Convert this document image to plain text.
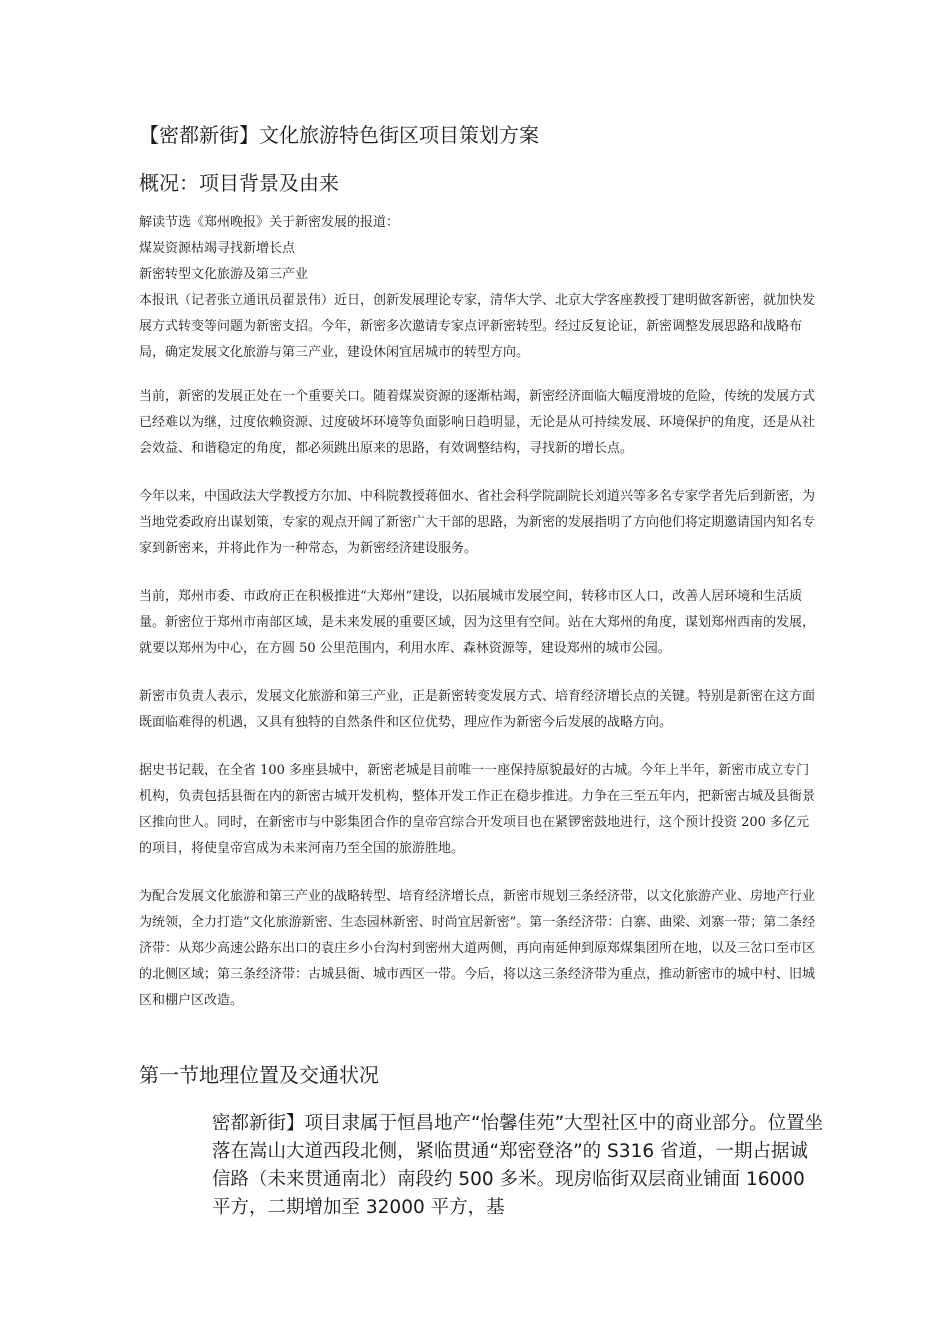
【密都新街】文化旅游特色街区项目策划方案
概况：项目背景及由来
解读节选《郑州晚报》关于新密发展的报道：
煤炭资源枯竭寻找新增长点
新密转型文化旅游及第三产业
本报讯（记者张立通讯员翟景伟）近日，创新发展理论专家，清华大学、北京大学客座教授丁建明做客新密，就加快发展方式转变等问题为新密支招。今年，新密多次邀请专家点评新密转型。经过反复论证，新密调整发展思路和战略布局，确定发展文化旅游与第三产业，建设休闲宜居城市的转型方向。

当前，新密的发展正处在一个重要关口。随着煤炭资源的逐渐枯竭，新密经济面临大幅度滑坡的危险，传统的发展方式已经难以为继，过度依赖资源、过度破坏环境等负面影响日趋明显，无论是从可持续发展、环境保护的角度，还是从社会效益、和谐稳定的角度，都必须跳出原来的思路，有效调整结构，寻找新的增长点。

今年以来，中国政法大学教授方尔加、中科院教授蒋佃水、省社会科学院副院长刘道兴等多名专家学者先后到新密，为当地党委政府出谋划策，专家的观点开阔了新密广大干部的思路，为新密的发展指明了方向他们将定期邀请国内知名专家到新密来，并将此作为一种常态，为新密经济建设服务。

当前，郑州市委、市政府正在积极推进“大郑州”建设，以拓展城市发展空间，转移市区人口，改善人居环境和生活质量。新密位于郑州市南部区域，是未来发展的重要区域，因为这里有空间。站在大郑州的角度，谋划郑州西南的发展，就要以郑州为中心，在方圆 50 公里范围内，利用水库、森林资源等，建设郑州的城市公园。

新密市负责人表示，发展文化旅游和第三产业，正是新密转变发展方式、培育经济增长点的关键。特别是新密在这方面既面临难得的机遇，又具有独特的自然条件和区位优势，理应作为新密今后发展的战略方向。

据史书记载，在全省 100 多座县城中，新密老城是目前唯一一座保持原貌最好的古城。今年上半年，新密市成立专门机构，负责包括县衙在内的新密古城开发机构，整体开发工作正在稳步推进。力争在三至五年内，把新密古城及县衙景区推向世人。同时，在新密市与中影集团合作的皇帝宫综合开发项目也在紧锣密鼓地进行，这个预计投资 200 多亿元的项目，将使皇帝宫成为未来河南乃至全国的旅游胜地。

为配合发展文化旅游和第三产业的战略转型、培育经济增长点，新密市规划三条经济带，以文化旅游产业、房地产行业为统领，全力打造“文化旅游新密、生态园林新密、时尚宜居新密”。第一条经济带：白寨、曲梁、刘寨一带；第二条经济带：从郑少高速公路东出口的袁庄乡小台沟村到密州大道两侧，再向南延伸到原郑煤集团所在地，以及三岔口至市区的北侧区域；第三条经济带：古城县衙、城市西区一带。今后，将以这三条经济带为重点，推动新密市的城中村、旧城区和棚户区改造。

第一节地理位置及交通状况

密都新街】项目隶属于恒昌地产“怡馨佳苑”大型社区中的商业部分。位置坐落在嵩山大道西段北侧，紧临贯通“郑密登洛”的 S316 省道，一期占据诚信路（未来贯通南北）南段约 500 多米。现房临街双层商业铺面 16000 平方，二期增加至 32000 平方，基
